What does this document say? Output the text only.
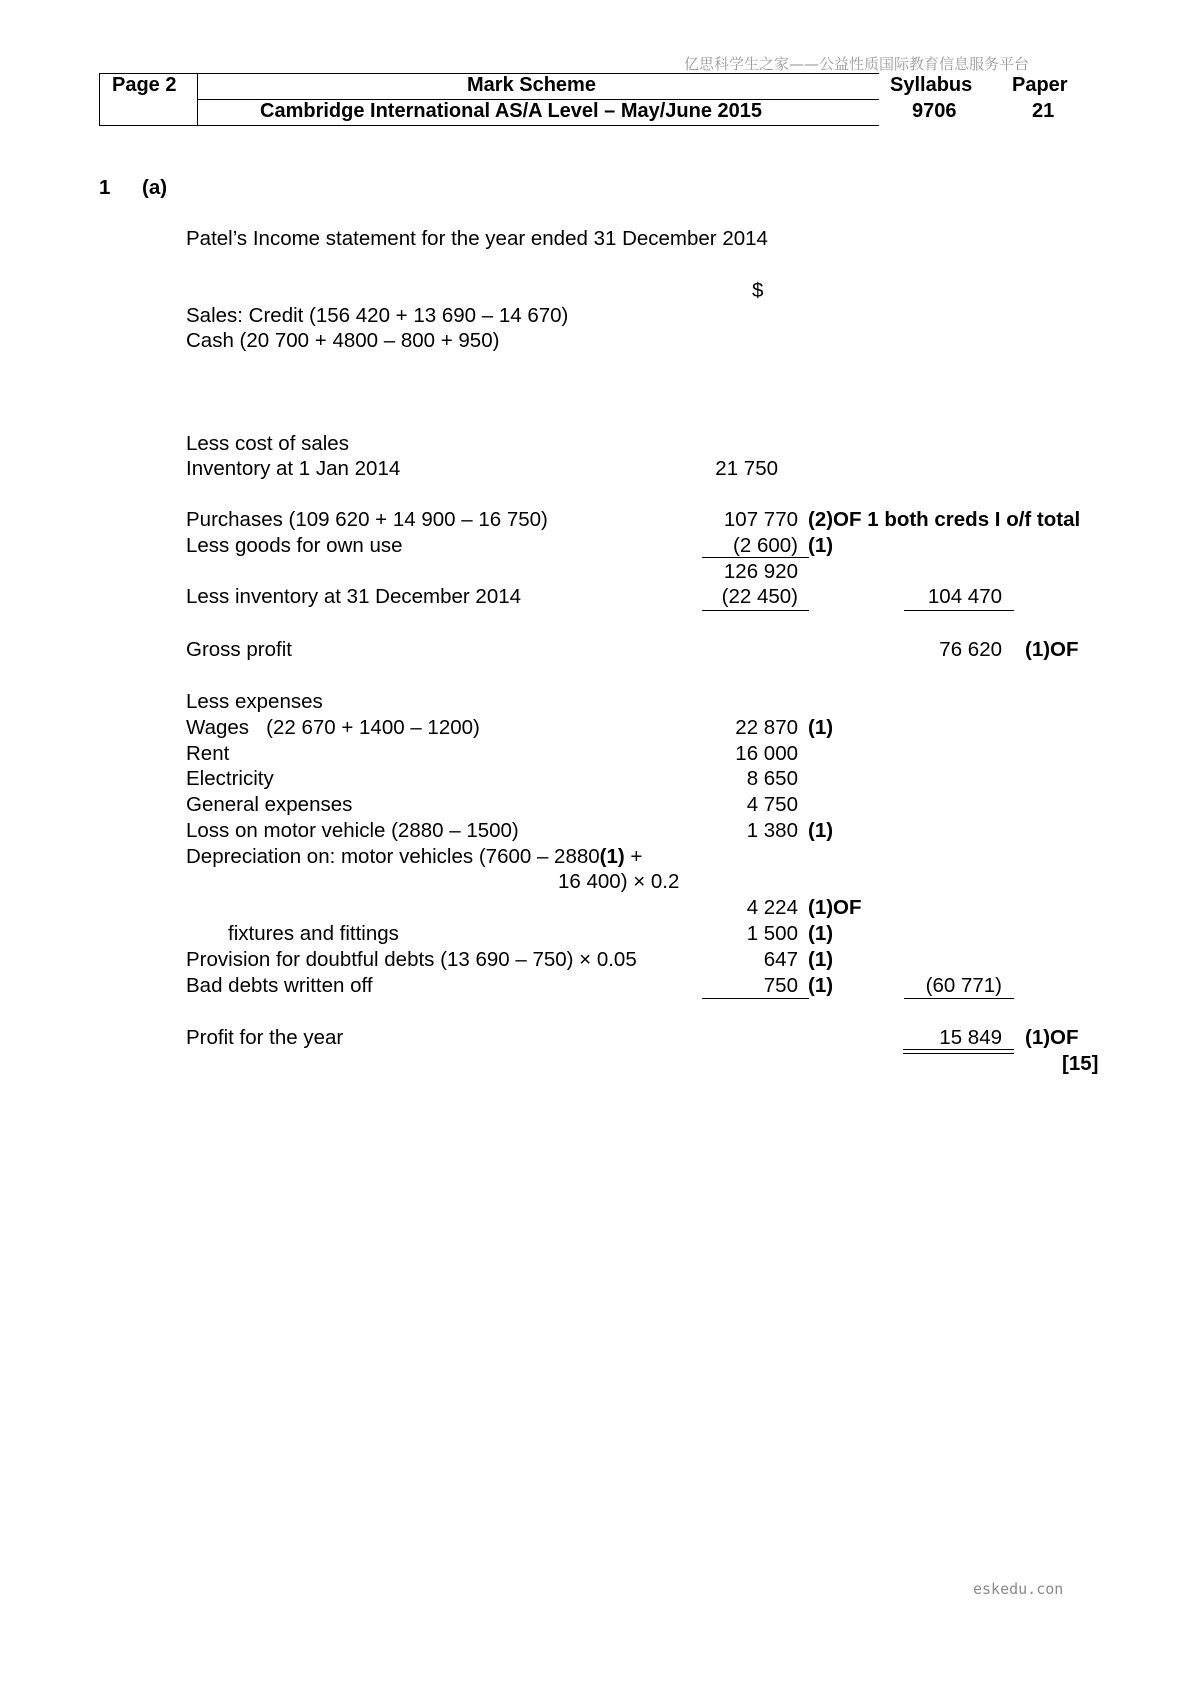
亿思科学生之家——公益性质国际教育信息服务平台
eskedu.con
Page 2	Mark Scheme	Syllabus Paper
Cambridge International AS/A Level – May/June 2015	9706	21
1 (a)
Patel’s Income statement for the year ended 31 December 2014
$
Sales: Credit (156 420 + 13 690 – 14 670)
Cash (20 700 + 4800 – 800 + 950)
Less cost of sales
Inventory at 1 Jan 2014	21 750
Purchases (109 620 + 14 900 – 16 750)	107 770 (2)OF 1 both creds I o/f total
Less goods for own use	(2 600) (1)
126 920
Less inventory at 31 December 2014	(22 450)	104 470
Gross profit	76 620 (1)OF
Less expenses
Wages   (22 670 + 1400 – 1200)	22 870 (1)
Rent	16 000
Electricity	8 650
General expenses	4 750
Loss on motor vehicle (2880 – 1500)	1 380 (1)
Depreciation on: motor vehicles (7600 – 2880(1) +
16 400) × 0.2
4 224 (1)OF
fixtures and fittings	1 500 (1)
Provision for doubtful debts (13 690 – 750) × 0.05	647 (1)
Bad debts written off	750 (1)	(60 771)
Profit for the year	15 849 (1)OF
[15]
